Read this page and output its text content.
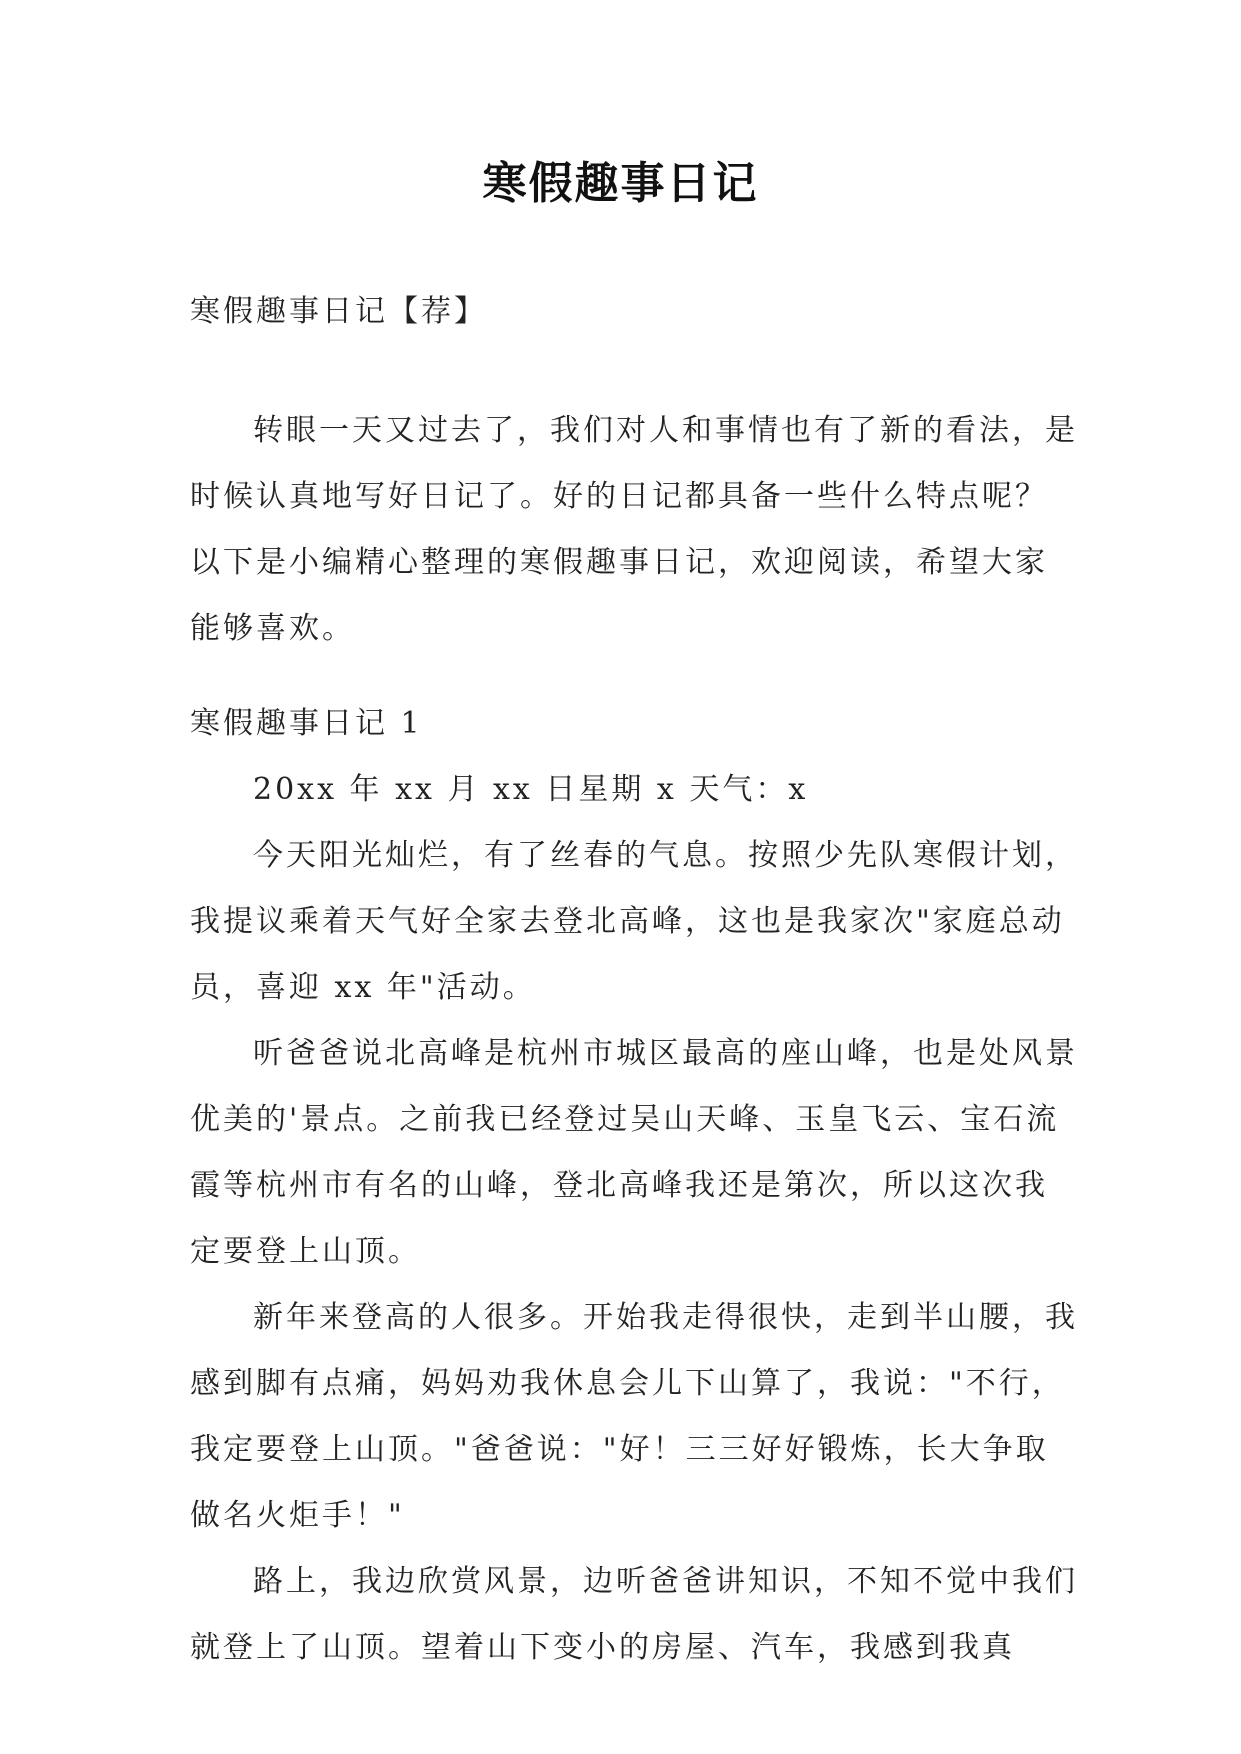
寒假趣事日记
寒假趣事日记【荐】

转眼一天又过去了，我们对人和事情也有了新的看法，是时候认真地写好日记了。好的日记都具备一些什么特点呢？以下是小编精心整理的寒假趣事日记，欢迎阅读，希望大家能够喜欢。

寒假趣事日记 1

20xx 年 xx 月 xx 日星期 x 天气：x

今天阳光灿烂，有了丝春的气息。按照少先队寒假计划，我提议乘着天气好全家去登北高峰，这也是我家次"家庭总动员，喜迎 xx 年"活动。

听爸爸说北高峰是杭州市城区最高的座山峰，也是处风景优美的'景点。之前我已经登过吴山天峰、玉皇飞云、宝石流霞等杭州市有名的山峰，登北高峰我还是第次，所以这次我定要登上山顶。

新年来登高的人很多。开始我走得很快，走到半山腰，我感到脚有点痛，妈妈劝我休息会儿下山算了，我说："不行，我定要登上山顶。"爸爸说："好！三三好好锻炼，长大争取做名火炬手！"

路上，我边欣赏风景，边听爸爸讲知识，不知不觉中我们就登上了山顶。望着山下变小的房屋、汽车，我感到我真
